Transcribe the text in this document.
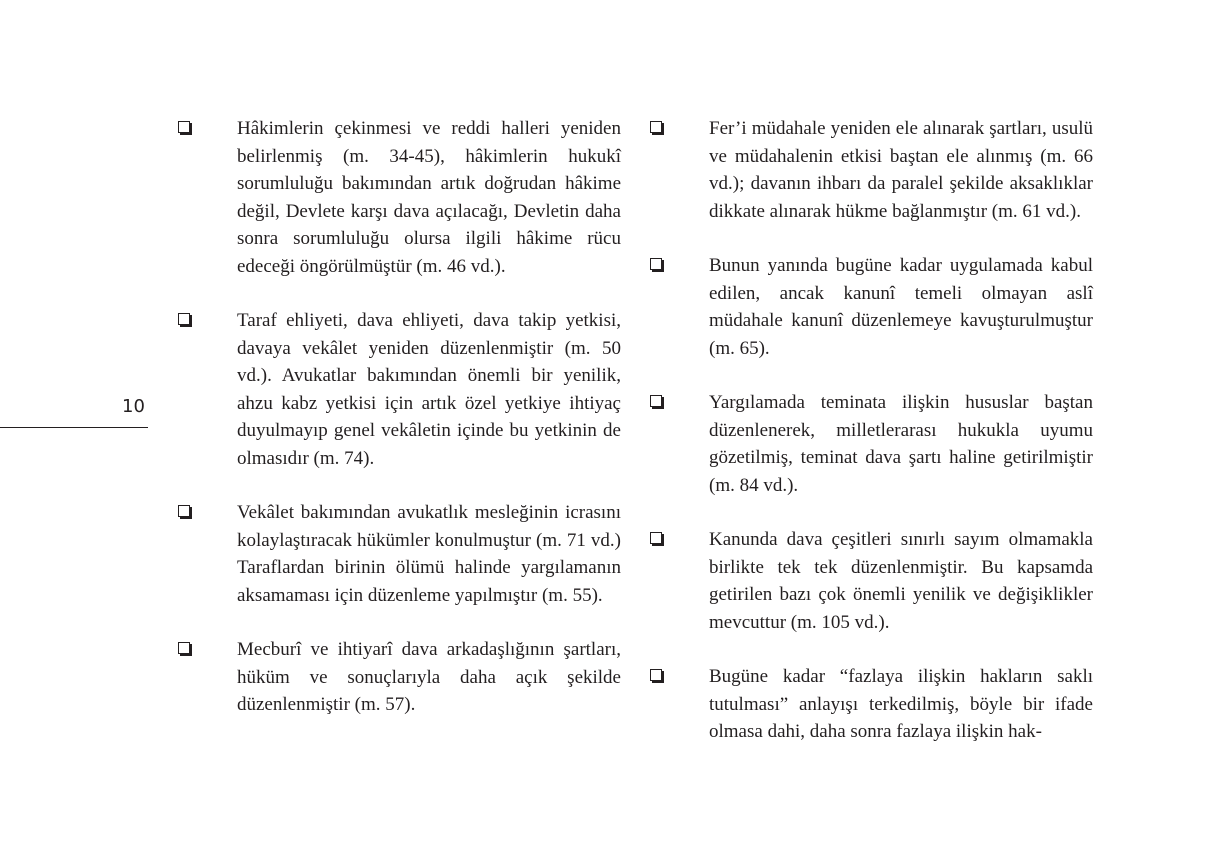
10
Hâkimlerin çekinmesi ve reddi halleri yeniden belirlenmiş (m. 34-45), hâkimlerin hukukî sorumluluğu bakımından artık doğrudan hâkime değil, Devlete karşı dava açılacağı, Devletin daha sonra sorumluluğu olursa ilgili hâkime rücu edeceği öngörülmüştür (m. 46 vd.).
Taraf ehliyeti, dava ehliyeti, dava takip yetkisi, davaya vekâlet yeniden düzenlenmiştir (m. 50 vd.). Avukatlar bakımından önemli bir yenilik, ahzu kabz yetkisi için artık özel yetkiye ihtiyaç duyulmayıp genel vekâletin içinde bu yetkinin de olmasıdır (m. 74).
Vekâlet bakımından avukatlık mesleğinin icrasını kolaylaştıracak hükümler konulmuştur (m. 71 vd.) Taraflardan birinin ölümü halinde yargılamanın aksamaması için düzenleme yapılmıştır (m. 55).
Mecburî ve ihtiyarî dava arkadaşlığının şartları, hüküm ve sonuçlarıyla daha açık şekilde düzenlenmiştir (m. 57).
Fer’i müdahale yeniden ele alınarak şartları, usulü ve müdahalenin etkisi baştan ele alınmış (m. 66 vd.); davanın ihbarı da paralel şekilde aksaklıklar dikkate alınarak hükme bağlanmıştır (m. 61 vd.).
Bunun yanında bugüne kadar uygulamada kabul edilen, ancak kanunî temeli olmayan aslî müdahale kanunî düzenlemeye kavuşturulmuştur (m. 65).
Yargılamada teminata ilişkin hususlar baştan düzenlenerek, milletlerarası hukukla uyumu gözetilmiş, teminat dava şartı haline getirilmiştir (m. 84 vd.).
Kanunda dava çeşitleri sınırlı sayım olmamakla birlikte tek tek düzenlenmiştir. Bu kapsamda getirilen bazı çok önemli yenilik ve değişiklikler mevcuttur (m. 105 vd.).
Bugüne kadar “fazlaya ilişkin hakların saklı tutulması” anlayışı terkedilmiş, böyle bir ifade olmasa dahi, daha sonra fazlaya ilişkin hak-
